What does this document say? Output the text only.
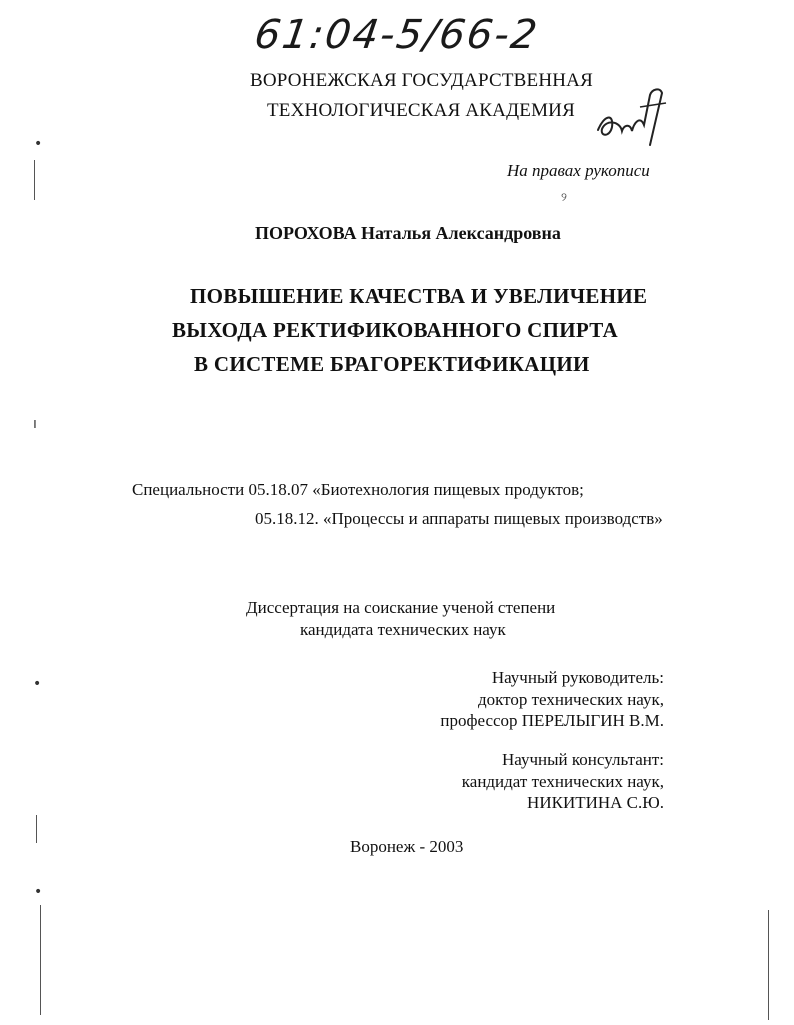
61:04-5/66-2
ВОРОНЕЖСКАЯ ГОСУДАРСТВЕННАЯ
ТЕХНОЛОГИЧЕСКАЯ АКАДЕМИЯ
На правах рукописи
୨
ПОРОХОВА Наталья Александровна
ПОВЫШЕНИЕ КАЧЕСТВА И УВЕЛИЧЕНИЕ
ВЫХОДА РЕКТИФИКОВАННОГО СПИРТА
В СИСТЕМЕ БРАГОРЕКТИФИКАЦИИ
Специальности 05.18.07 «Биотехнология пищевых продуктов;
05.18.12. «Процессы и аппараты пищевых производств»
Диссертация на соискание ученой степени
кандидата технических наук
Научный руководитель:
доктор технических наук,
профессор ПЕРЕЛЫГИН В.М.
Научный консультант:
кандидат технических наук,
НИКИТИНА С.Ю.
Воронеж - 2003
•
ı
•
•
